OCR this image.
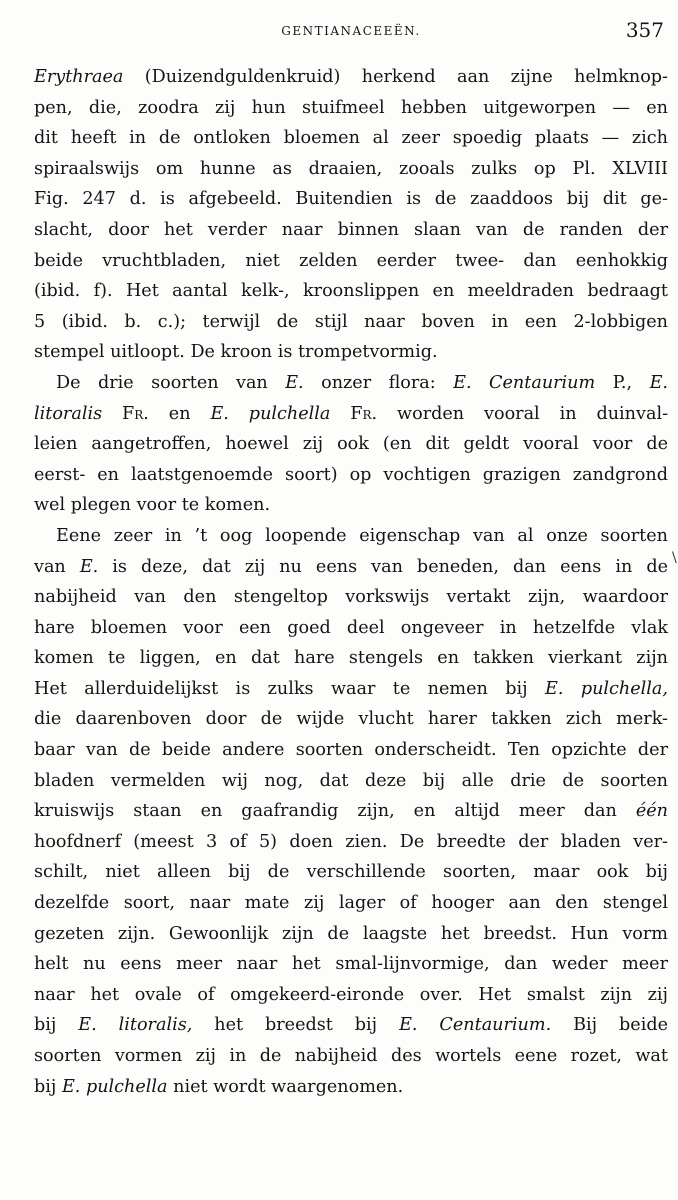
GENTIANACEEËN.	357
Erythraea (Duizendguldenkruid) herkend aan zijne helmknop-
pen, die, zoodra zij hun stuifmeel hebben uitgeworpen — en
dit heeft in de ontloken bloemen al zeer spoedig plaats — zich
spiraalswijs om hunne as draaien, zooals zulks op Pl. XLVIII
Fig. 247 d. is afgebeeld. Buitendien is de zaaddoos bij dit ge-
slacht, door het verder naar binnen slaan van de randen der
beide vruchtbladen, niet zelden eerder twee- dan eenhokkig
(ibid. f). Het aantal kelk-, kroonslippen en meeldraden bedraagt
5 (ibid. b. c.); terwijl de stijl naar boven in een 2-lobbigen
stempel uitloopt. De kroon is trompetvormig.
De drie soorten van E. onzer flora: E. Centaurium P., E.
litoralis Fr. en E. pulchella Fr. worden vooral in duinval-
leien aangetroffen, hoewel zij ook (en dit geldt vooral voor de
eerst- en laatstgenoemde soort) op vochtigen grazigen zandgrond
wel plegen voor te komen.
Eene zeer in ’t oog loopende eigenschap van al onze soorten
van E. is deze, dat zij nu eens van beneden, dan eens in de
nabijheid van den stengeltop vorkswijs vertakt zijn, waardoor
hare bloemen voor een goed deel ongeveer in hetzelfde vlak
komen te liggen, en dat hare stengels en takken vierkant zijn
Het allerduidelijkst is zulks waar te nemen bij E. pulchella,
die daarenboven door de wijde vlucht harer takken zich merk-
baar van de beide andere soorten onderscheidt. Ten opzichte der
bladen vermelden wij nog, dat deze bij alle drie de soorten
kruiswijs staan en gaafrandig zijn, en altijd meer dan één
hoofdnerf (meest 3 of 5) doen zien. De breedte der bladen ver-
schilt, niet alleen bij de verschillende soorten, maar ook bij
dezelfde soort, naar mate zij lager of hooger aan den stengel
gezeten zijn. Gewoonlijk zijn de laagste het breedst. Hun vorm
helt nu eens meer naar het smal-lijnvormige, dan weder meer
naar het ovale of omgekeerd-eironde over. Het smalst zijn zij
bij E. litoralis, het breedst bij E. Centaurium. Bij beide
soorten vormen zij in de nabijheid des wortels eene rozet, wat
bij E. pulchella niet wordt waargenomen.
\
